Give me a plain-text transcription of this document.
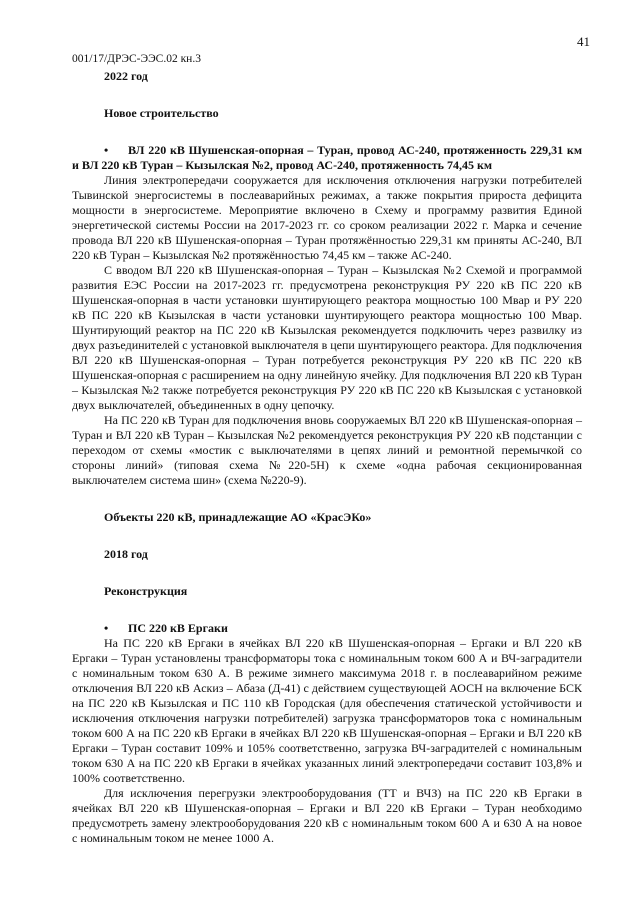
41
001/17/ДРЭС-ЭЭС.02 кн.3

2022 год

Новое строительство

• ВЛ 220 кВ Шушенская-опорная – Туран, провод АС-240, протяженность 229,31 км и ВЛ 220 кВ Туран – Кызылская №2, провод АС-240, протяженность 74,45 км

Линия электропередачи сооружается для исключения отключения нагрузки потребителей Тывинской энергосистемы в послеаварийных режимах, а также покрытия прироста дефицита мощности в энергосистеме. Мероприятие включено в Схему и программу развития Единой энергетической системы России на 2017-2023 гг. со сроком реализации 2022 г. Марка и сечение провода ВЛ 220 кВ Шушенская-опорная – Туран протяжённостью 229,31 км приняты АС-240, ВЛ 220 кВ Туран – Кызылская №2 протяжённостью 74,45 км – также АС-240.

С вводом ВЛ 220 кВ Шушенская-опорная – Туран – Кызылская №2 Схемой и программой развития ЕЭС России на 2017-2023 гг. предусмотрена реконструкция РУ 220 кВ ПС 220 кВ Шушенская-опорная в части установки шунтирующего реактора мощностью 100 Мвар и РУ 220 кВ ПС 220 кВ Кызылская в части установки шунтирующего реактора мощностью 100 Мвар. Шунтирующий реактор на ПС 220 кВ Кызылская рекомендуется подключить через развилку из двух разъединителей с установкой выключателя в цепи шунтирующего реактора. Для подключения ВЛ 220 кВ Шушенская-опорная – Туран потребуется реконструкция РУ 220 кВ ПС 220 кВ Шушенская-опорная с расширением на одну линейную ячейку. Для подключения ВЛ 220 кВ Туран – Кызылская №2 также потребуется реконструкция РУ 220 кВ ПС 220 кВ Кызылская с установкой двух выключателей, объединенных в одну цепочку.

На ПС 220 кВ Туран для подключения вновь сооружаемых ВЛ 220 кВ Шушенская-опорная – Туран и ВЛ 220 кВ Туран – Кызылская №2 рекомендуется реконструкция РУ 220 кВ подстанции с переходом от схемы «мостик с выключателями в цепях линий и ремонтной перемычкой со стороны линий» (типовая схема №220-5Н) к схеме «одна рабочая секционированная выключателем система шин» (схема №220-9).

Объекты 220 кВ, принадлежащие АО «КрасЭКо»

2018 год

Реконструкция

• ПС 220 кВ Ергаки

На ПС 220 кВ Ергаки в ячейках ВЛ 220 кВ Шушенская-опорная – Ергаки и ВЛ 220 кВ Ергаки – Туран установлены трансформаторы тока с номинальным током 600 А и ВЧ-заградители с номинальным током 630 А. В режиме зимнего максимума 2018 г. в послеаварийном режиме отключения ВЛ 220 кВ Аскиз – Абаза (Д-41) с действием существующей АОСН на включение БСК на ПС 220 кВ Кызылская и ПС 110 кВ Городская (для обеспечения статической устойчивости и исключения отключения нагрузки потребителей) загрузка трансформаторов тока с номинальным током 600 А на ПС 220 кВ Ергаки в ячейках ВЛ 220 кВ Шушенская-опорная – Ергаки и ВЛ 220 кВ Ергаки – Туран составит 109% и 105% соответственно, загрузка ВЧ-заградителей с номинальным током 630 А на ПС 220 кВ Ергаки в ячейках указанных линий электропередачи составит 103,8% и 100% соответственно.

Для исключения перегрузки электрооборудования (ТТ и ВЧЗ) на ПС 220 кВ Ергаки в ячейках ВЛ 220 кВ Шушенская-опорная – Ергаки и ВЛ 220 кВ Ергаки – Туран необходимо предусмотреть замену электрооборудования 220 кВ с номинальным током 600 А и 630 А на новое с номинальным током не менее 1000 А.
